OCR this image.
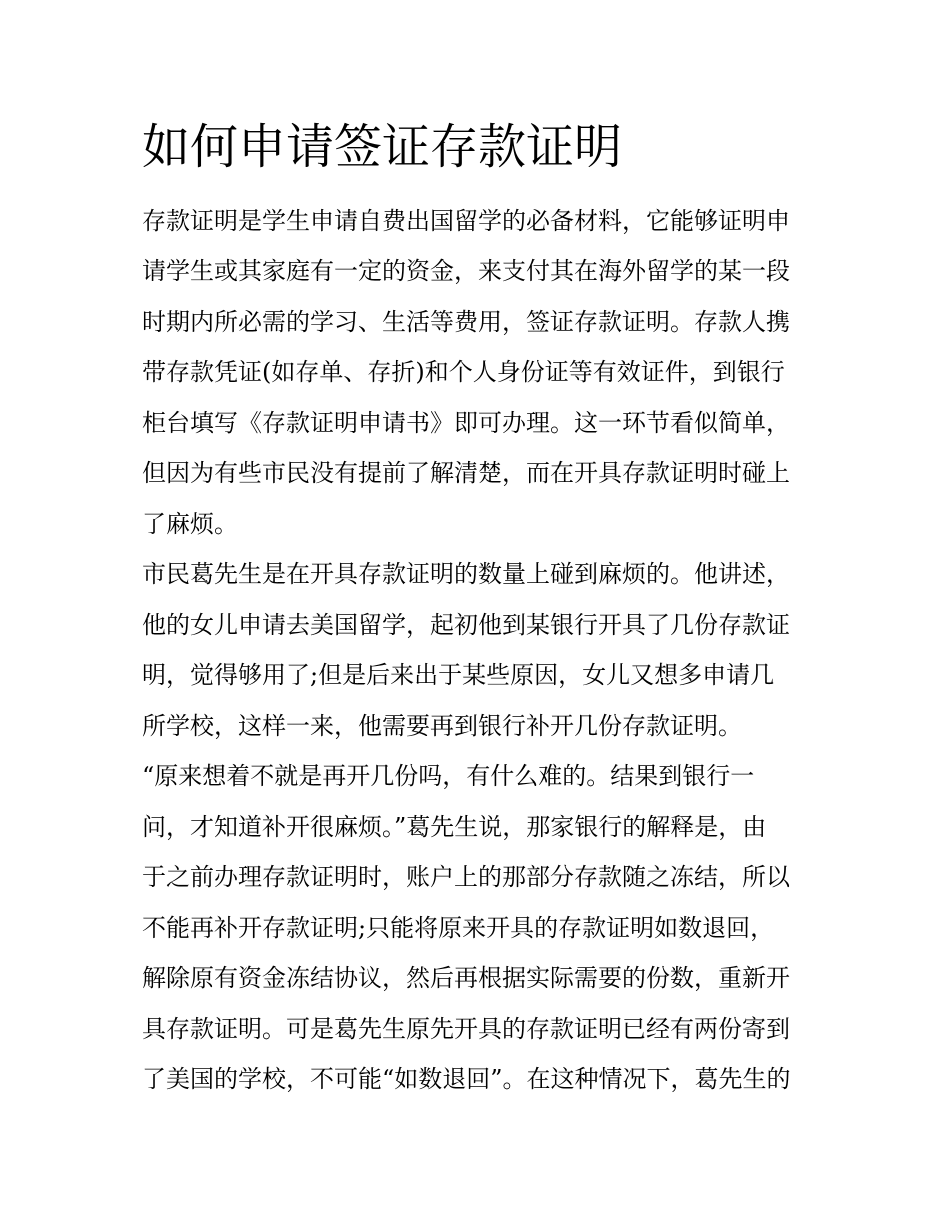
如何申请签证存款证明

存款证明是学生申请自费出国留学的必备材料，它能够证明申

请学生或其家庭有一定的资金，来支付其在海外留学的某一段

时期内所必需的学习、生活等费用，签证存款证明。存款人携

带存款凭证(如存单、存折)和个人身份证等有效证件，到银行

柜台填写《存款证明申请书》即可办理。这一环节看似简单，

但因为有些市民没有提前了解清楚，而在开具存款证明时碰上

了麻烦。

市民葛先生是在开具存款证明的数量上碰到麻烦的。他讲述，

他的女儿申请去美国留学，起初他到某银行开具了几份存款证

明，觉得够用了;但是后来出于某些原因，女儿又想多申请几

所学校，这样一来，他需要再到银行补开几份存款证明。

“原来想着不就是再开几份吗，有什么难的。结果到银行一

问，才知道补开很麻烦。”葛先生说，那家银行的解释是，由

于之前办理存款证明时，账户上的那部分存款随之冻结，所以

不能再补开存款证明;只能将原来开具的存款证明如数退回，

解除原有资金冻结协议，然后再根据实际需要的份数，重新开

具存款证明。可是葛先生原先开具的存款证明已经有两份寄到

了美国的学校，不可能“如数退回”。在这种情况下，葛先生的
